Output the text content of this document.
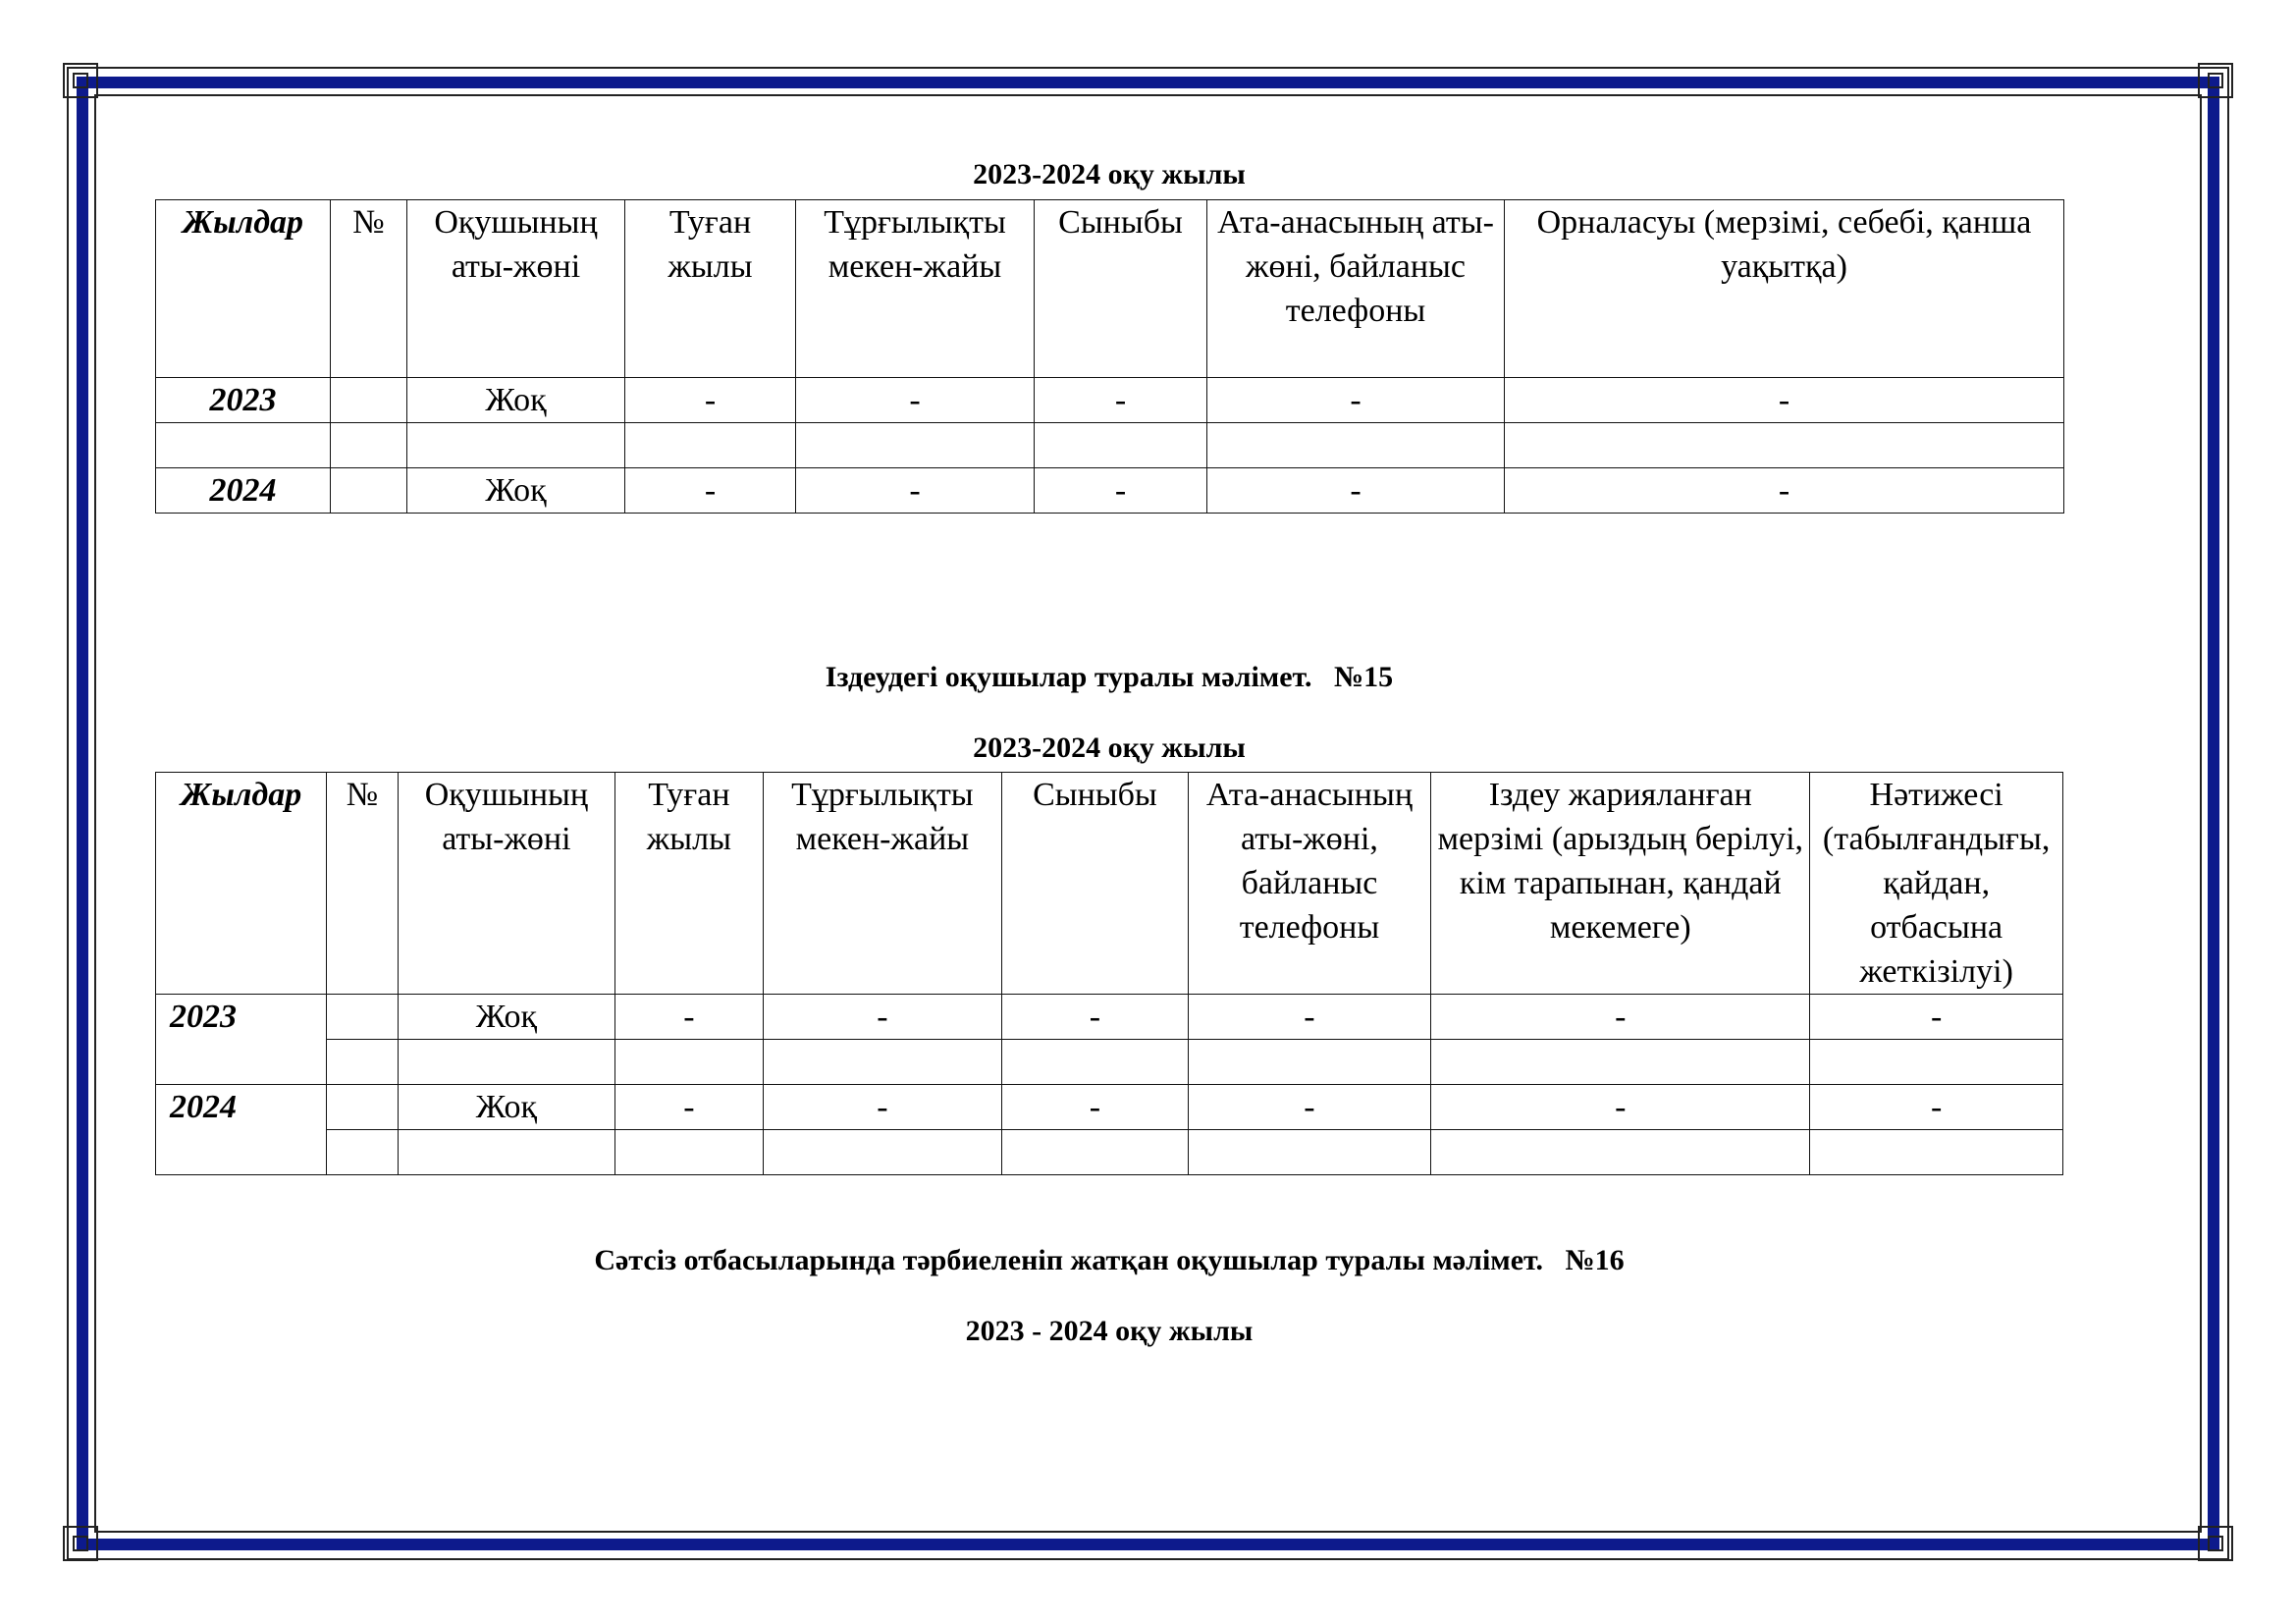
2023-2024 оқу жылы
Жылдар	№	Оқушының аты-жөні	Туған жылы	Тұрғылықты мекен-жайы	Сыныбы	Ата-анасының аты-жөні, байланыс телефоны	Орналасуы (мерзімі, себебі, қанша уақытқа)
2023		Жоқ	-	-	-	-	-

2024		Жоқ	-	-	-	-	-
Іздеудегі оқушылар туралы мәлімет.   №15
2023-2024 оқу жылы
Жылдар	№	Оқушының аты-жөні	Туған жылы	Тұрғылықты мекен-жайы	Сыныбы	Ата-анасының аты-жөні, байланыс телефоны	Іздеу жарияланған мерзімі (арыздың берілуі, кім тарапынан, қандай мекемеге)	Нәтижесі (табылғандығы, қайдан, отбасына жеткізілуі)
2023		Жоқ	-	-	-	-	-	-

2024		Жоқ	-	-	-	-	-	-

Сәтсіз отбасыларында тәрбиеленіп жатқан оқушылар туралы мәлімет.   №16
2023 - 2024 оқу жылы
